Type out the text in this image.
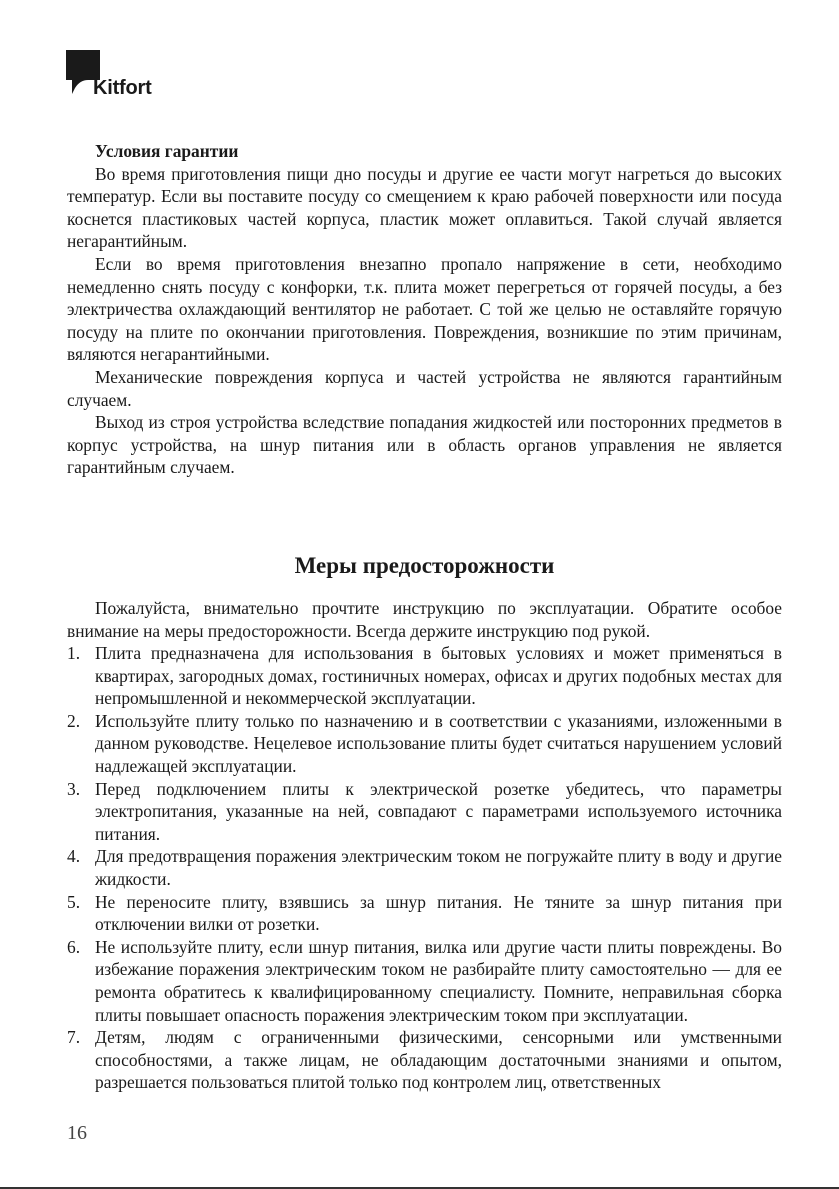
Kitfort
Условия гарантии

Во время приготовления пищи дно посуды и другие ее части могут нагреться до высоких температур. Если вы поставите посуду со смещением к краю рабочей поверхности или посуда коснется пластиковых частей корпуса, пластик может оплавиться. Такой случай является негарантийным.

Если во время приготовления внезапно пропало напряжение в сети, необходимо немедленно снять посуду с конфорки, т.к. плита может перегреться от горячей посуды, а без электричества охлаждающий вентилятор не работает. С той же целью не оставляйте горячую посуду на плите по окончании приготовления. Повреждения, возникшие по этим причинам, вяляются негарантийными.

Механические повреждения корпуса и частей устройства не являются гарантийным случаем.

Выход из строя устройства вследствие попадания жидкостей или посторонних предметов в корпус устройства, на шнур питания или в область органов управления не является гарантийным случаем.

Меры предосторожности

Пожалуйста, внимательно прочтите инструкцию по эксплуатации. Обратите особое внимание на меры предосторожности. Всегда держите инструкцию под рукой.

1. Плита предназначена для использования в бытовых условиях и может применяться в квартирах, загородных домах, гостиничных номерах, офисах и других подобных местах для непромышленной и некоммерческой эксплуатации.
2. Используйте плиту только по назначению и в соответствии с указаниями, изложенными в данном руководстве. Нецелевое использование плиты будет считаться нарушением условий надлежащей эксплуатации.
3. Перед подключением плиты к электрической розетке убедитесь, что параметры электропитания, указанные на ней, совпадают с параметрами используемого источника питания.
4. Для предотвращения поражения электрическим током не погружайте плиту в воду и другие жидкости.
5. Не переносите плиту, взявшись за шнур питания. Не тяните за шнур питания при отключении вилки от розетки.
6. Не используйте плиту, если шнур питания, вилка или другие части плиты повреждены. Во избежание поражения электрическим током не разбирайте плиту самостоятельно — для ее ремонта обратитесь к квалифицированному специалисту. Помните, неправильная сборка плиты повышает опасность поражения электрическим током при эксплуатации.
7. Детям, людям с ограниченными физическими, сенсорными или умственными способностями, а также лицам, не обладающим достаточными знаниями и опытом, разрешается пользоваться плитой только под контролем лиц, ответственных
16
